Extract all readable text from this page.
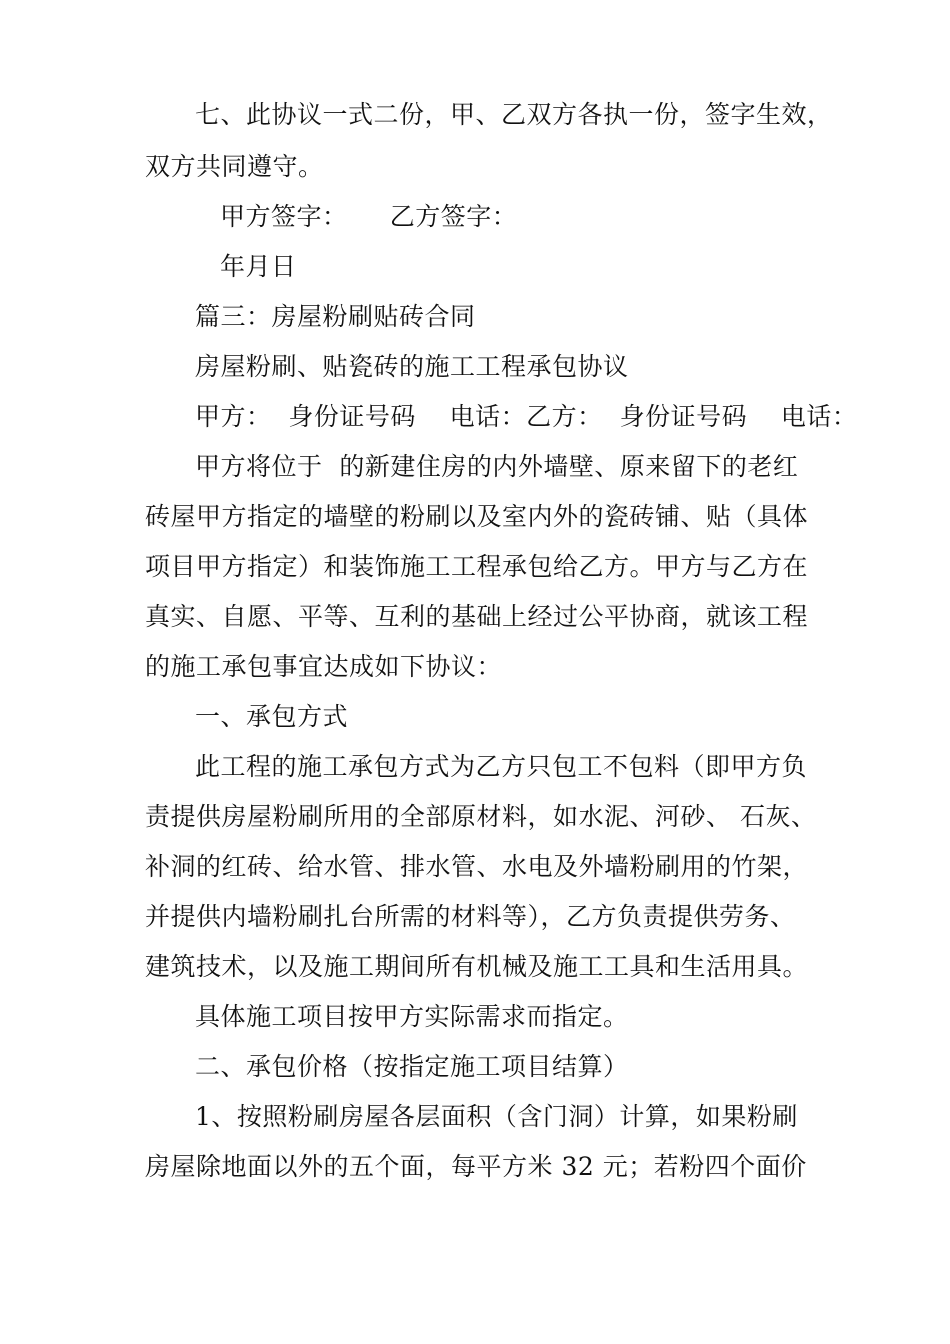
七、此协议一式二份，甲、乙双方各执一份，签字生效，
双方共同遵守。
甲方签字：     乙方签字：
年月日
篇三：房屋粉刷贴砖合同
房屋粉刷、贴瓷砖的施工工程承包协议
甲方：  身份证号码    电话：乙方：  身份证号码    电话：
甲方将位于  的新建住房的内外墙壁、原来留下的老红
砖屋甲方指定的墙壁的粉刷以及室内外的瓷砖铺、贴（具体
项目甲方指定）和装饰施工工程承包给乙方。甲方与乙方在
真实、自愿、平等、互利的基础上经过公平协商，就该工程
的施工承包事宜达成如下协议：
一、承包方式
此工程的施工承包方式为乙方只包工不包料（即甲方负
责提供房屋粉刷所用的全部原材料，如水泥、河砂、 石灰、
补洞的红砖、给水管、排水管、水电及外墙粉刷用的竹架，
并提供内墙粉刷扎台所需的材料等），乙方负责提供劳务、
建筑技术，以及施工期间所有机械及施工工具和生活用具。
具体施工项目按甲方实际需求而指定。
二、承包价格（按指定施工项目结算）
1、按照粉刷房屋各层面积（含门洞）计算，如果粉刷
房屋除地面以外的五个面，每平方米 32 元；若粉四个面价
